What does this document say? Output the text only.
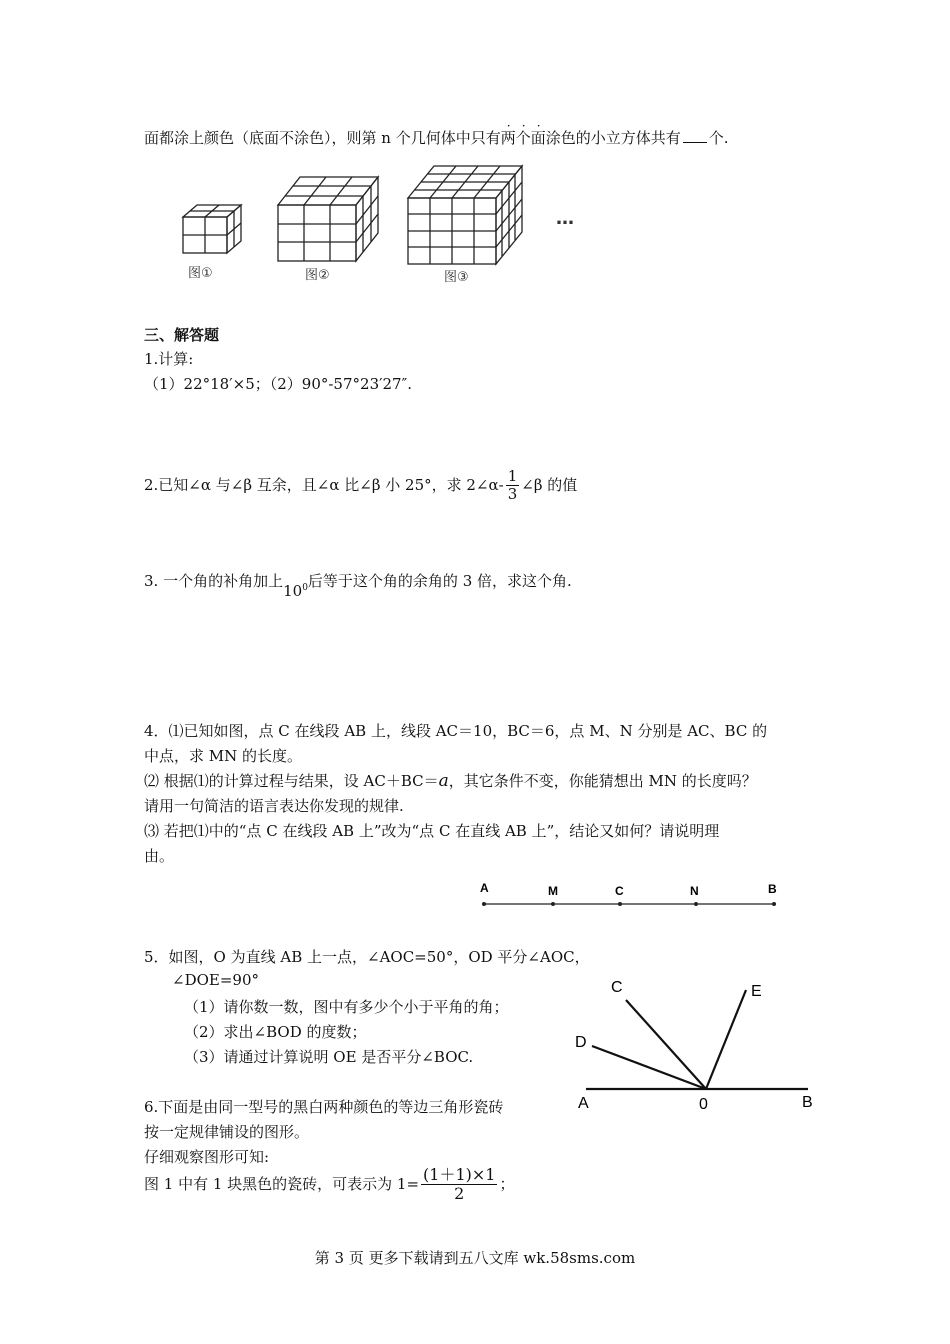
面都涂上颜色（底面不涂色），则第 n 个几何体中只有
·
两
·
个
·
面涂色的小立方体共有 个.
图①	图②	图③
…
三、解答题
1.计算:
（1）22°18′×5；（2）90°-57°23′27″.
2.已知∠α 与∠β 互余，且∠α 比∠β 小 25°，求 2∠α- $\frac{1}{3}$ ∠β 的值
3. 一个角的补角加上$10^0$后等于这个角的余角的 3 倍，求这个角.
4．⑴已知如图，点 C 在线段 AB 上，线段 AC＝10，BC＝6，点 M、N 分别是 AC、BC 的
中点，求 MN 的长度。
⑵ 根据⑴的计算过程与结果，设 AC＋BC＝a，其它条件不变，你能猜想出 MN 的长度吗？
请用一句简洁的语言表达你发现的规律.
⑶ 若把⑴中的“点 C 在线段 AB 上”改为“点 C 在直线 AB 上”，结论又如何？请说明理
由。
A	M	C	N	B
5．如图，O 为直线 AB 上一点，∠AOC=50°，OD 平分∠AOC，
∠DOE=90°
（1）请你数一数，图中有多少个小于平角的角；
（2）求出∠BOD 的度数；
（3）请通过计算说明 OE 是否平分∠BOC.
C	E
D
A	0	B
6.下面是由同一型号的黑白两种颜色的等边三角形瓷砖
按一定规律铺设的图形。
仔细观察图形可知:
图 1 中有 1 块黑色的瓷砖，可表示为 $1= \frac{(1+1)\times 1}{2}$ ；
第 3 页 更多下载请到五八文库 wk.58sms.com
